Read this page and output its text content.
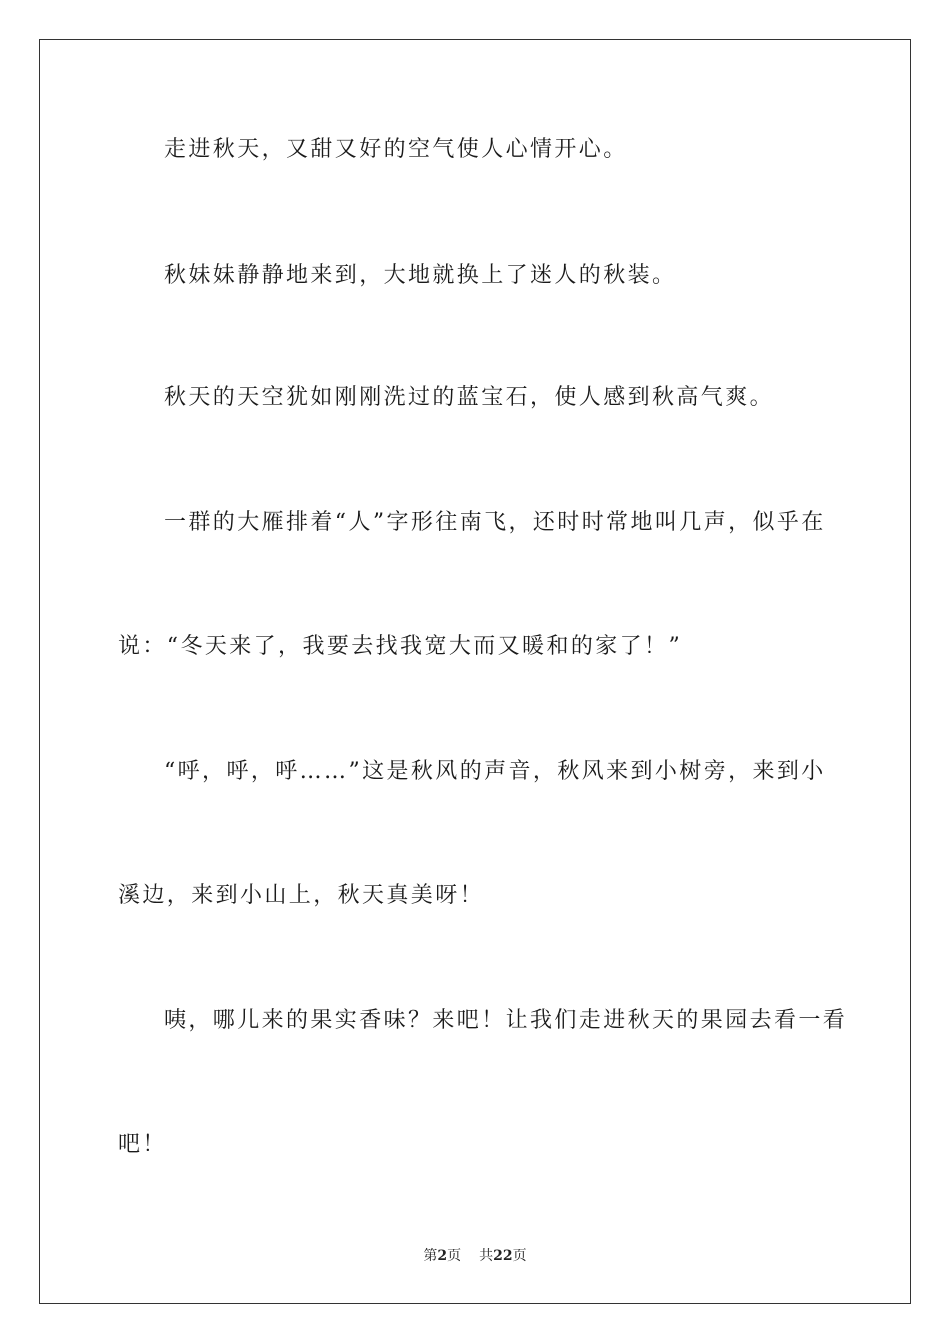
走进秋天，又甜又好的空气使人心情开心。
秋妹妹静静地来到，大地就换上了迷人的秋装。
秋天的天空犹如刚刚洗过的蓝宝石，使人感到秋高气爽。
一群的大雁排着“人”字形往南飞，还时时常地叫几声，似乎在
说：“冬天来了，我要去找我宽大而又暖和的家了！”
“呼，呼，呼……”这是秋风的声音，秋风来到小树旁，来到小
溪边，来到小山上，秋天真美呀！
咦，哪儿来的果实香味？来吧！让我们走进秋天的果园去看一看
吧！
第2页 共22页
